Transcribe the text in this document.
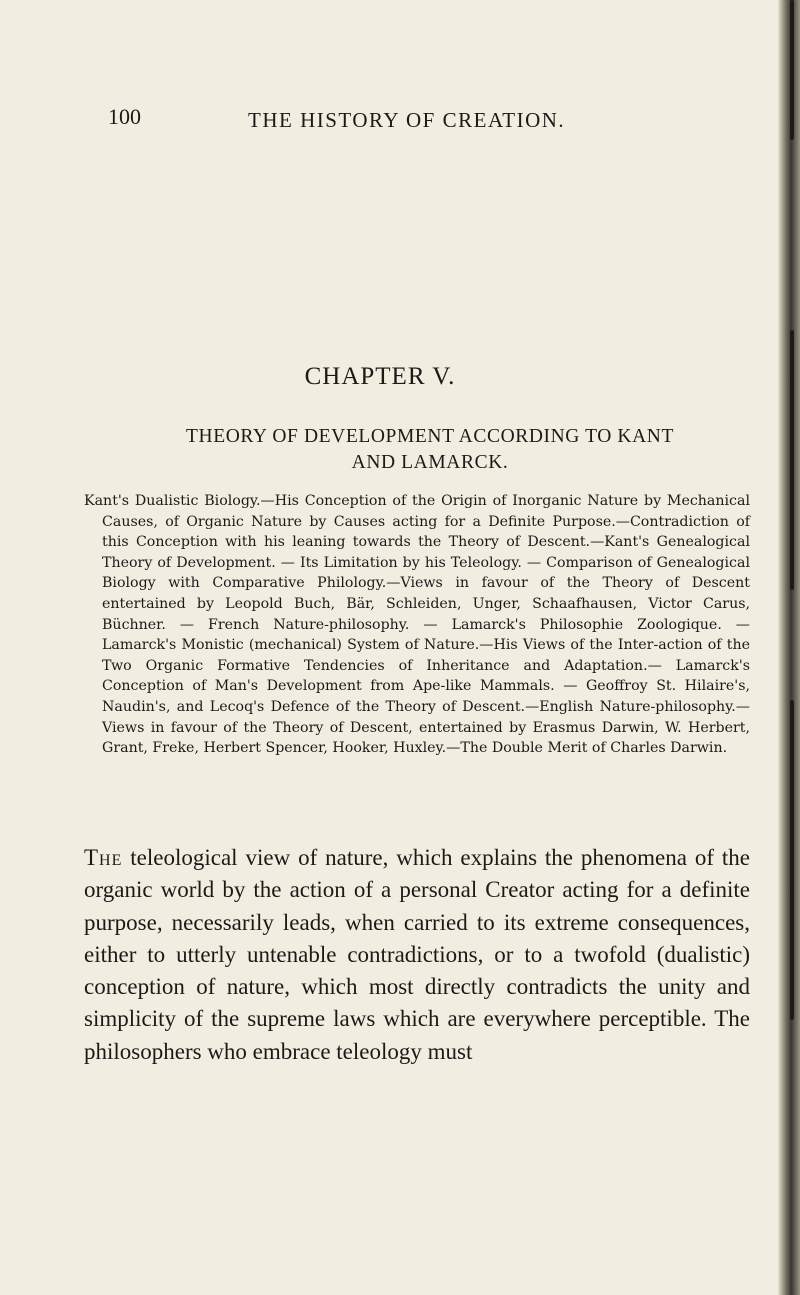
100	THE HISTORY OF CREATION.
CHAPTER V.
THEORY OF DEVELOPMENT ACCORDING TO KANT
AND LAMARCK.
Kant's Dualistic Biology.—His Conception of the Origin of Inorganic Nature by Mechanical Causes, of Organic Nature by Causes acting for a Definite Purpose.—Contradiction of this Conception with his leaning towards the Theory of Descent.—Kant's Genealogical Theory of Development. — Its Limitation by his Teleology. — Comparison of Genealogical Biology with Comparative Philology.—Views in favour of the Theory of Descent entertained by Leopold Buch, Bär, Schleiden, Unger, Schaafhausen, Victor Carus, Büchner. — French Nature-philosophy. — Lamarck's Philosophie Zoologique. — Lamarck's Monistic (mechanical) System of Nature.—His Views of the Inter-action of the Two Organic Formative Tendencies of Inheritance and Adaptation.— Lamarck's Conception of Man's Development from Ape-like Mammals. — Geoffroy St. Hilaire's, Naudin's, and Lecoq's Defence of the Theory of Descent.—English Nature-philosophy.—Views in favour of the Theory of Descent, entertained by Erasmus Darwin, W. Herbert, Grant, Freke, Herbert Spencer, Hooker, Huxley.—The Double Merit of Charles Darwin.
The teleological view of nature, which explains the phenomena of the organic world by the action of a personal Creator acting for a definite purpose, necessarily leads, when carried to its extreme consequences, either to utterly untenable contradictions, or to a twofold (dualistic) conception of nature, which most directly contradicts the unity and simplicity of the supreme laws which are everywhere perceptible. The philosophers who embrace teleology must
